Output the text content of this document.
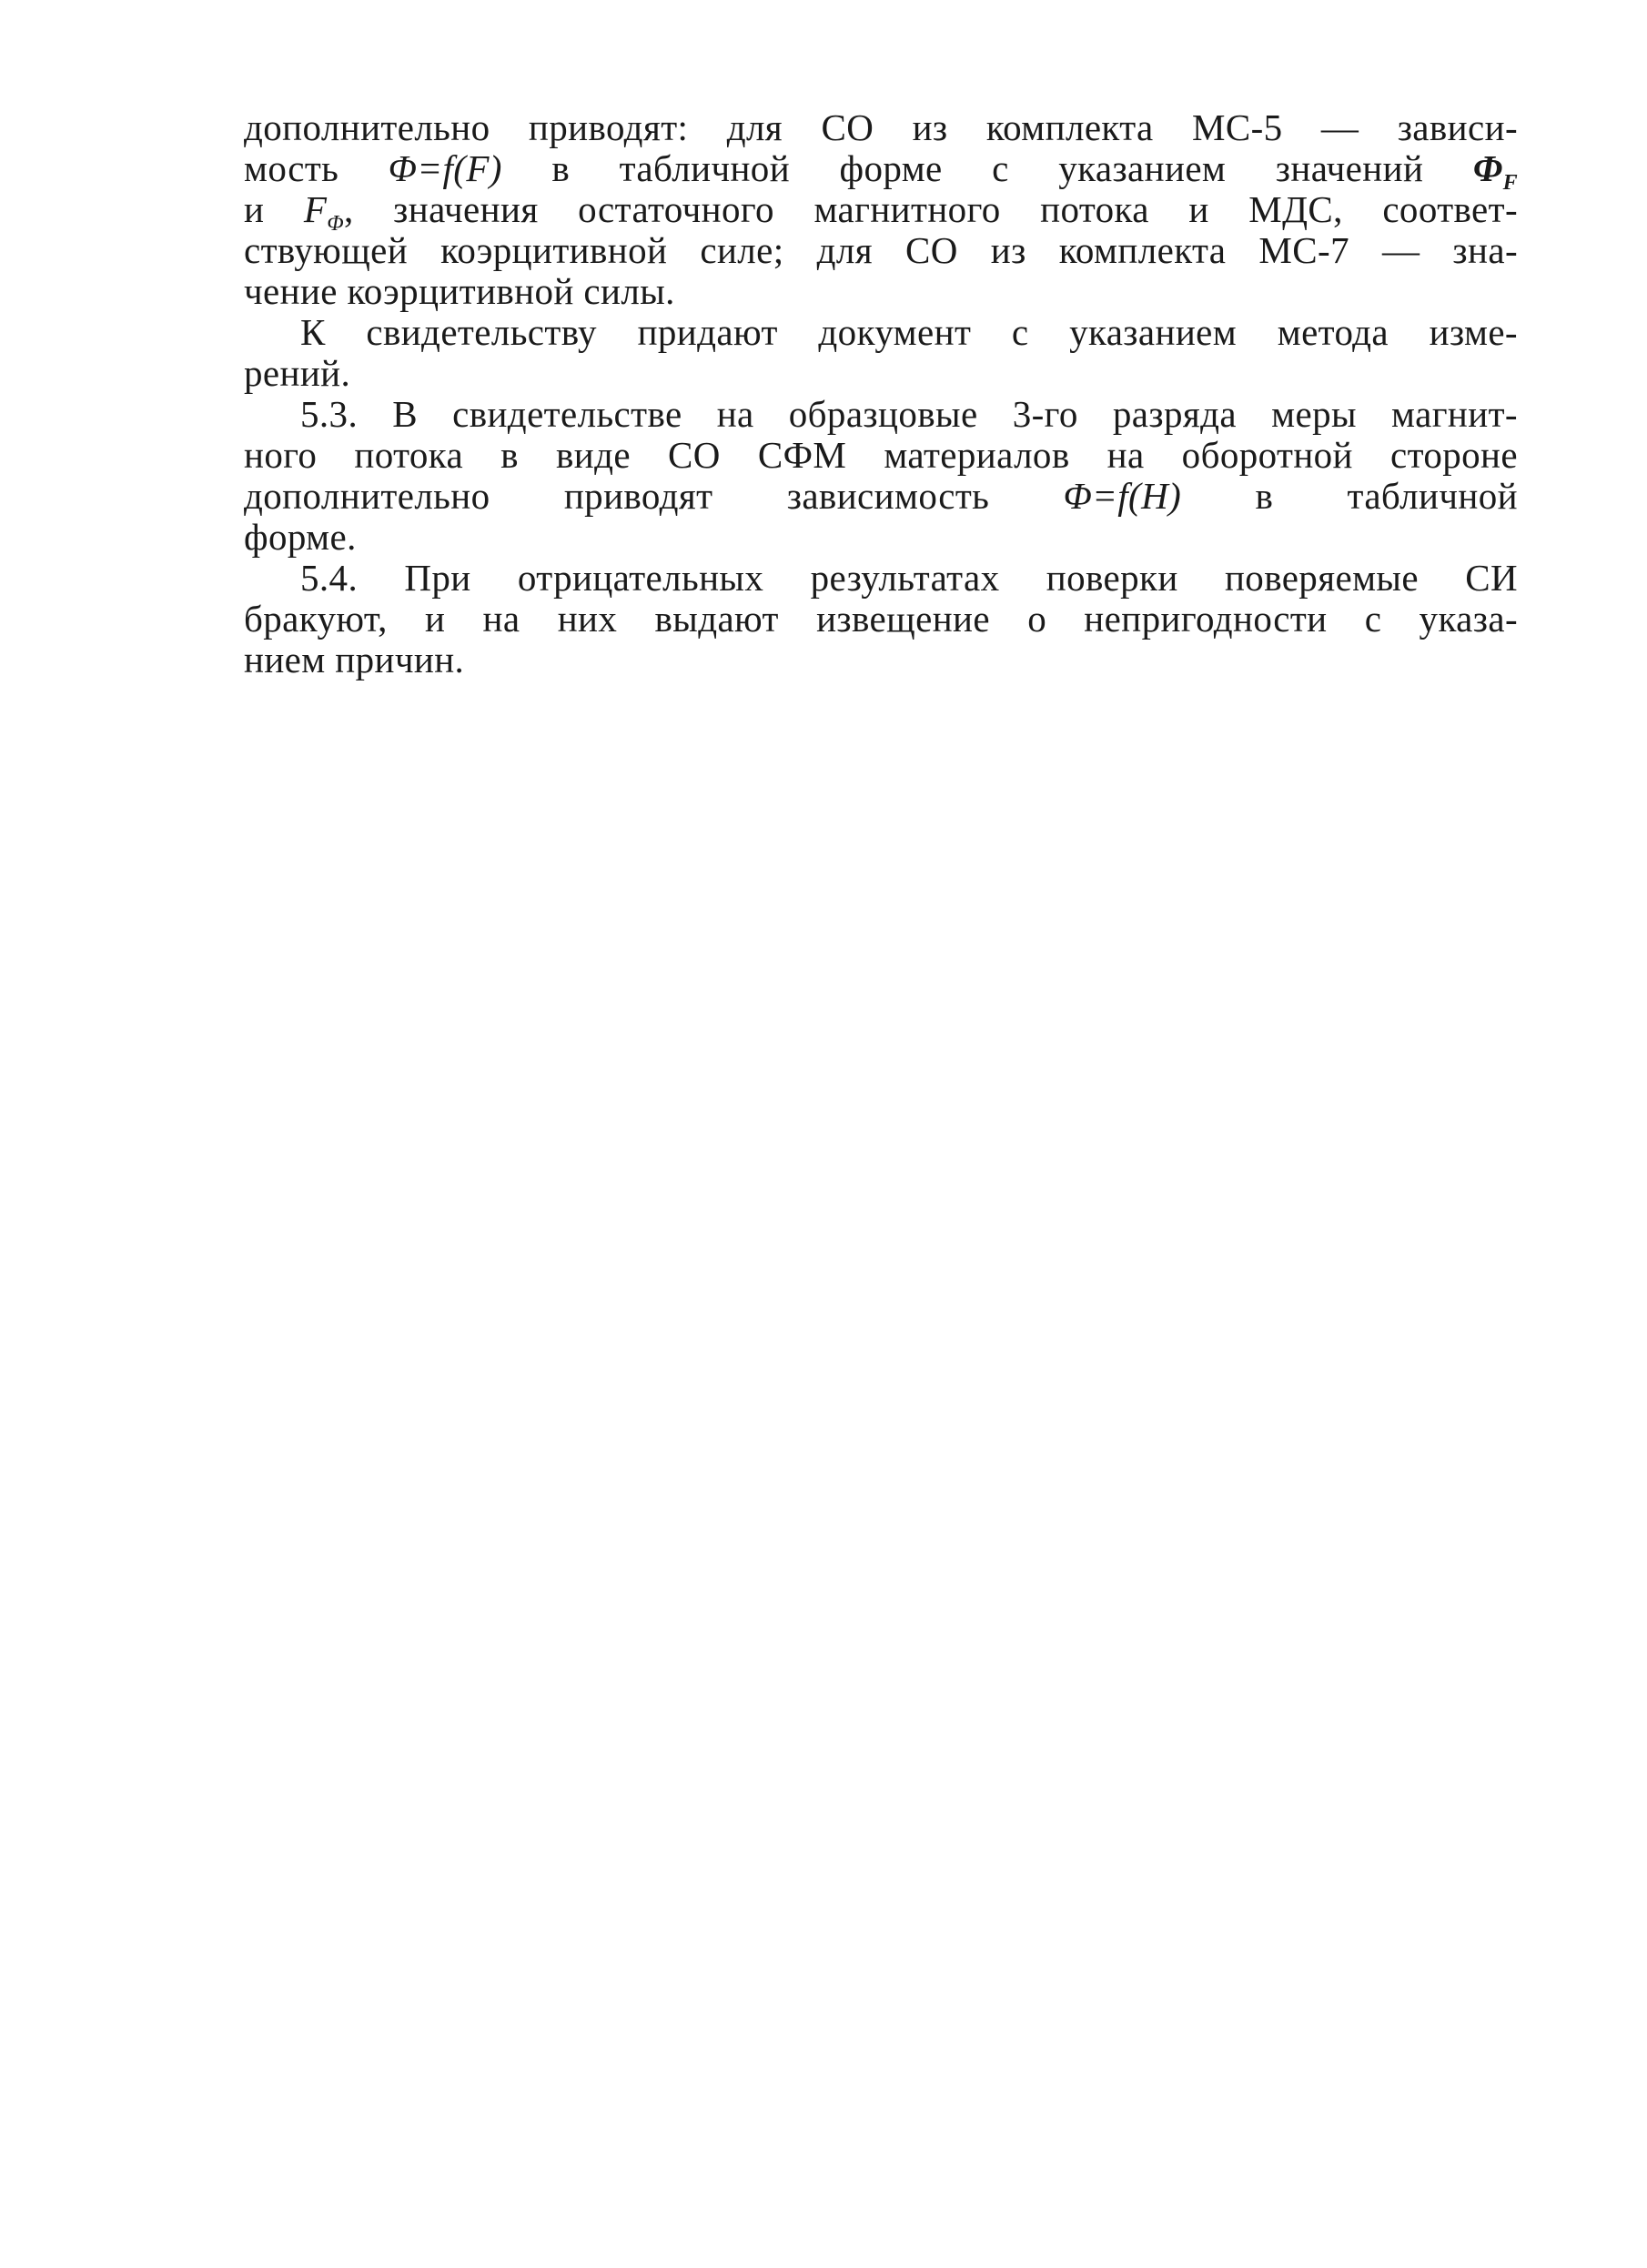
дополнительно приводят: для СО из комплекта МС-5 — зависи-
мость Φ=f(F) в табличной форме с указанием значений $\Phi_F$
и $F_\Phi$, значения остаточного магнитного потока и МДС, соответ-
ствующей коэрцитивной силе; для СО из комплекта МС-7 — зна-
чение коэрцитивной силы.
К свидетельству придают документ с указанием метода изме-
рений.
5.3. В свидетельстве на образцовые 3-го разряда меры магнит-
ного потока в виде СО СФМ материалов на оборотной стороне
дополнительно приводят зависимость Φ=f(H) в табличной
форме.
5.4. При отрицательных результатах поверки поверяемые СИ
бракуют, и на них выдают извещение о непригодности с указа-
нием причин.
